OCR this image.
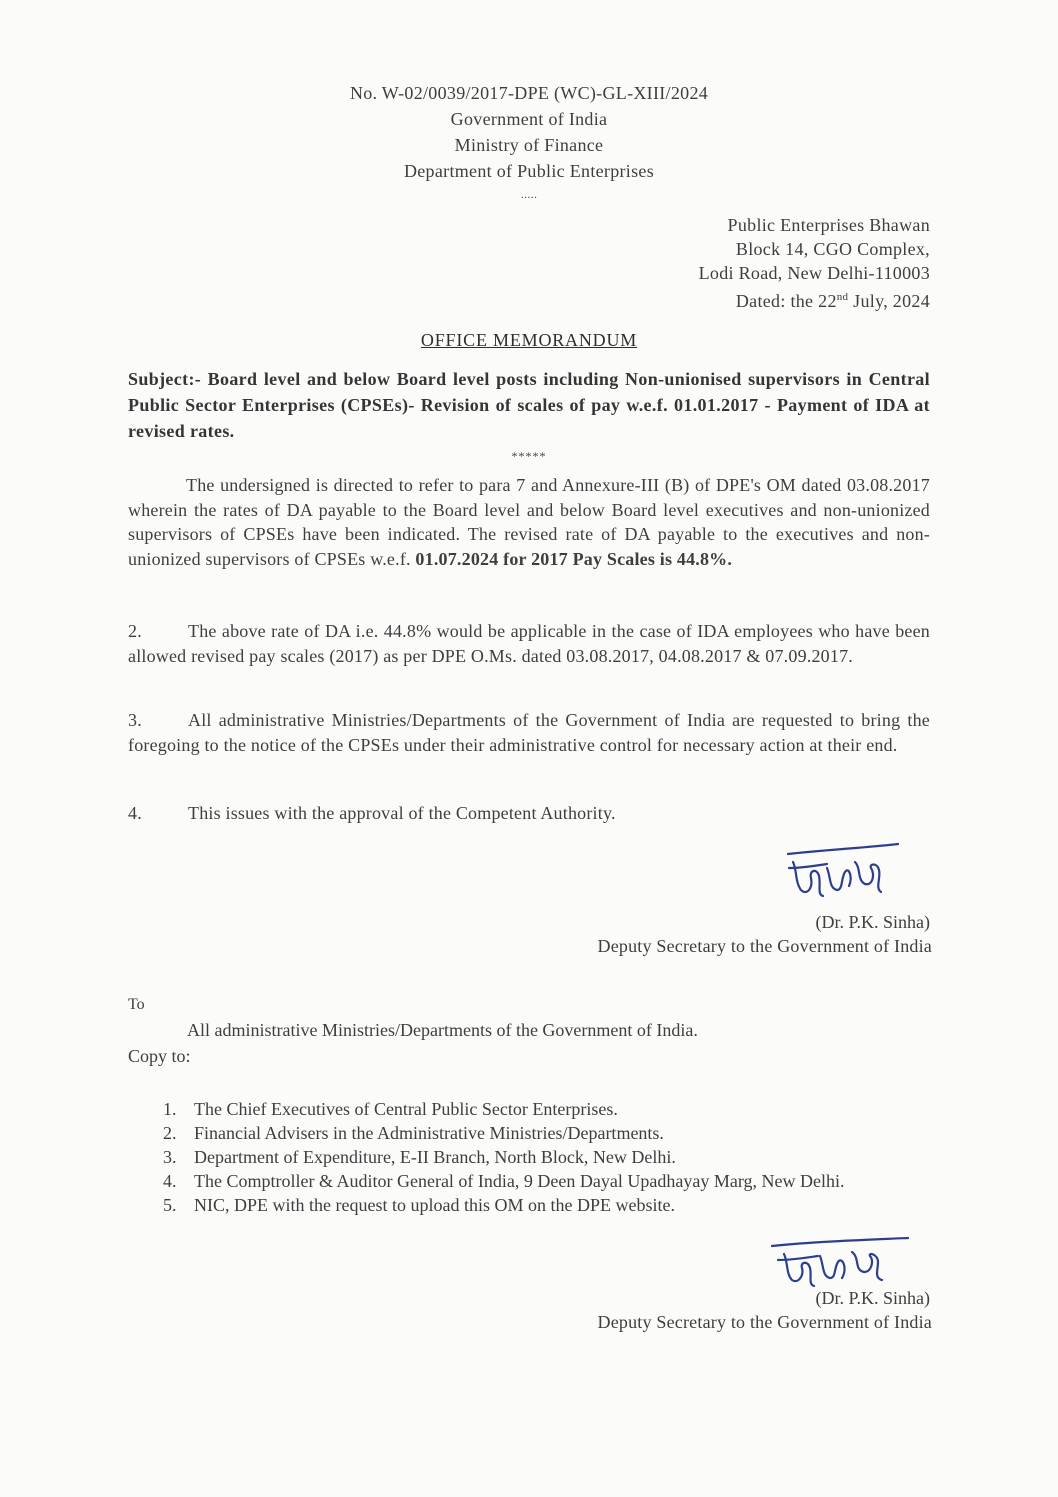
No. W-02/0039/2017-DPE (WC)-GL-XIII/2024
Government of India
Ministry of Finance
Department of Public Enterprises
.....
Public Enterprises Bhawan
Block 14, CGO Complex,
Lodi Road, New Delhi-110003
Dated: the 22nd July, 2024
OFFICE MEMORANDUM
Subject:- Board level and below Board level posts including Non-unionised supervisors in Central Public Sector Enterprises (CPSEs)- Revision of scales of pay w.e.f. 01.01.2017 - Payment of IDA at revised rates.
*****
The undersigned is directed to refer to para 7 and Annexure-III (B) of DPE's OM dated 03.08.2017 wherein the rates of DA payable to the Board level and below Board level executives and non-unionized supervisors of CPSEs have been indicated. The revised rate of DA payable to the executives and non-unionized supervisors of CPSEs w.e.f. 01.07.2024 for 2017 Pay Scales is 44.8%.
2.	The above rate of DA i.e. 44.8% would be applicable in the case of IDA employees who have been allowed revised pay scales (2017) as per DPE O.Ms. dated 03.08.2017, 04.08.2017 & 07.09.2017.
3.	All administrative Ministries/Departments of the Government of India are requested to bring the foregoing to the notice of the CPSEs under their administrative control for necessary action at their end.
4.	This issues with the approval of the Competent Authority.
(Dr. P.K. Sinha)
Deputy Secretary to the Government of India
To
All administrative Ministries/Departments of the Government of India.
Copy to:
1. The Chief Executives of Central Public Sector Enterprises.
2. Financial Advisers in the Administrative Ministries/Departments.
3. Department of Expenditure, E-II Branch, North Block, New Delhi.
4. The Comptroller & Auditor General of India, 9 Deen Dayal Upadhayay Marg, New Delhi.
5. NIC, DPE with the request to upload this OM on the DPE website.
(Dr. P.K. Sinha)
Deputy Secretary to the Government of India
